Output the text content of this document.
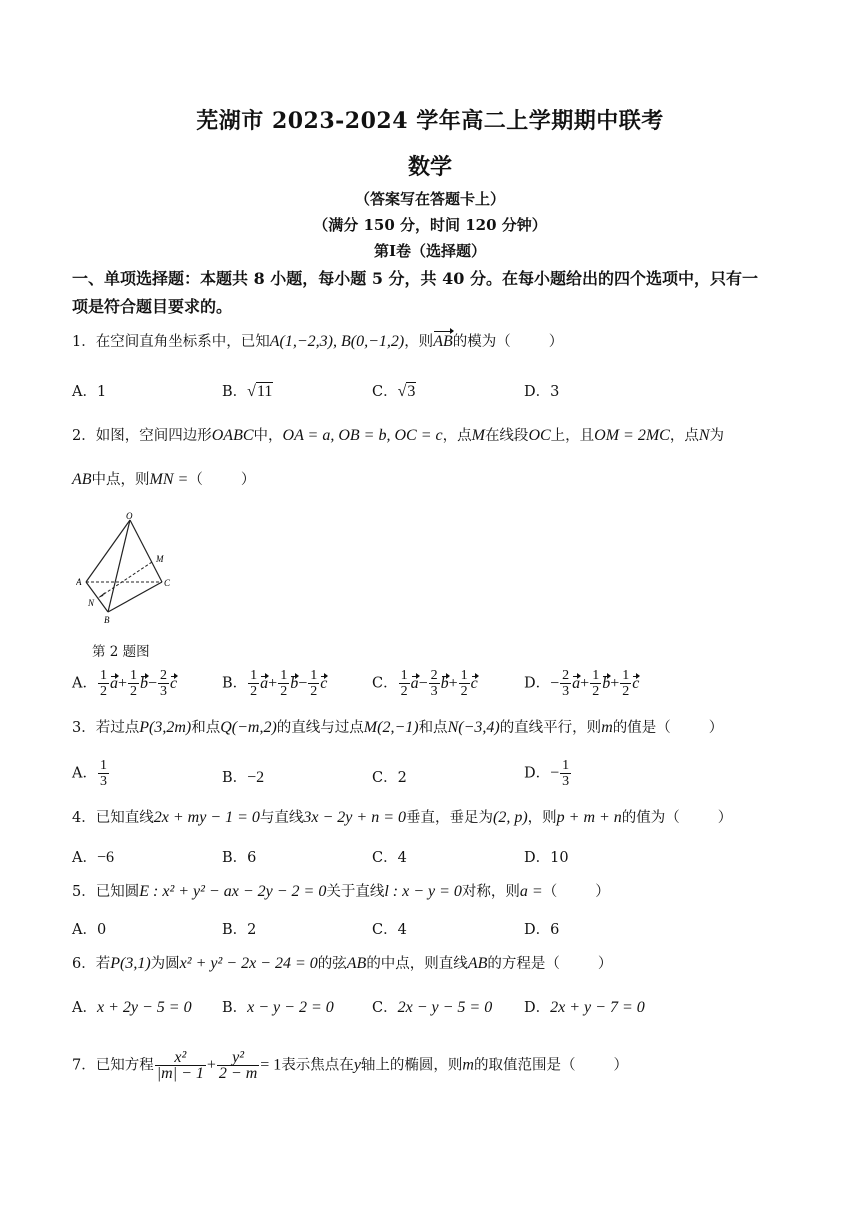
芜湖市 2023-2024 学年高二上学期期中联考
数学
（答案写在答题卡上）
（满分 150 分，时间 120 分钟）
第Ⅰ卷（选择题）
一、单项选择题：本题共 8 小题，每小题 5 分，共 40 分。在每小题给出的四个选项中，只有一
项是符合题目要求的。
1．在空间直角坐标系中，已知A(1,−2,3), B(0,−1,2)，则AB的模为（	）
A．1	B．√11	C．√3	D．3
2．如图，空间四边形OABC中，OA = a, OB = b, OC = c，点M在线段OC上，且OM = 2MC，点N为
AB中点，则MN =（	）
O
M
A	C
N
B
第 2 题图
A． $\frac{1}{2} a+ \frac{1}{2} b- \frac{2}{3}$ c	B． $\frac{1}{2} a+ \frac{1}{2} b- \frac{1}{2}$ c	C． $\frac{1}{2} a- \frac{2}{3} b+ \frac{1}{2}$ c	D．− $\frac{2}{3} a+ \frac{1}{2} b+ \frac{1}{2}$ c
3．若过点P(3,2m)和点Q(−m,2)的直线与过点M(2,−1)和点N(−3,4)的直线平行，则m的值是（	）
A． $\frac{1}{3}$	B．−2	C．2	D．− $\frac{1}{3}$
4．已知直线2x + my − 1 = 0与直线3x − 2y + n = 0垂直，垂足为(2, p)，则p + m + n的值为（	）
A．−6	B．6	C．4	D．10
5．已知圆E : x² + y² − ax − 2y − 2 = 0关于直线l : x − y = 0对称，则a =（	）
A．0	B．2	C．4	D．6
6．若P(3,1)为圆x² + y² − 2x − 24 = 0的弦AB的中点，则直线AB的方程是（	）
A．x + 2y − 5 = 0 B．x − y − 2 = 0	C．2x − y − 5 = 0 D．2x + y − 7 = 0
7．已知方程 $\frac{\text{x²}}{|m| - 1} + \frac{\text{y²}}{2 - m} = 1$表示焦点在y轴上的椭圆，则m的取值范围是（	）
